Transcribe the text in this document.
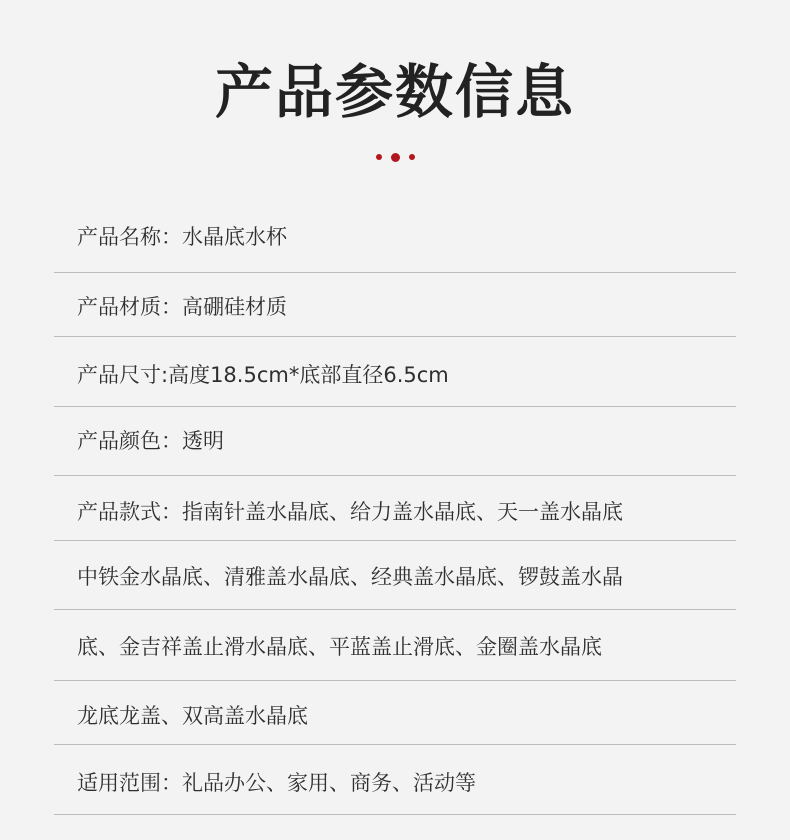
产品参数信息
产品名称：水晶底水杯
产品材质：高硼硅材质
产品尺寸:高度18.5cm*底部直径6.5cm
产品颜色：透明
产品款式：指南针盖水晶底、给力盖水晶底、天一盖水晶底
中铁金水晶底、清雅盖水晶底、经典盖水晶底、锣鼓盖水晶
底、金吉祥盖止滑水晶底、平蓝盖止滑底、金圈盖水晶底
龙底龙盖、双高盖水晶底
适用范围：礼品办公、家用、商务、活动等
